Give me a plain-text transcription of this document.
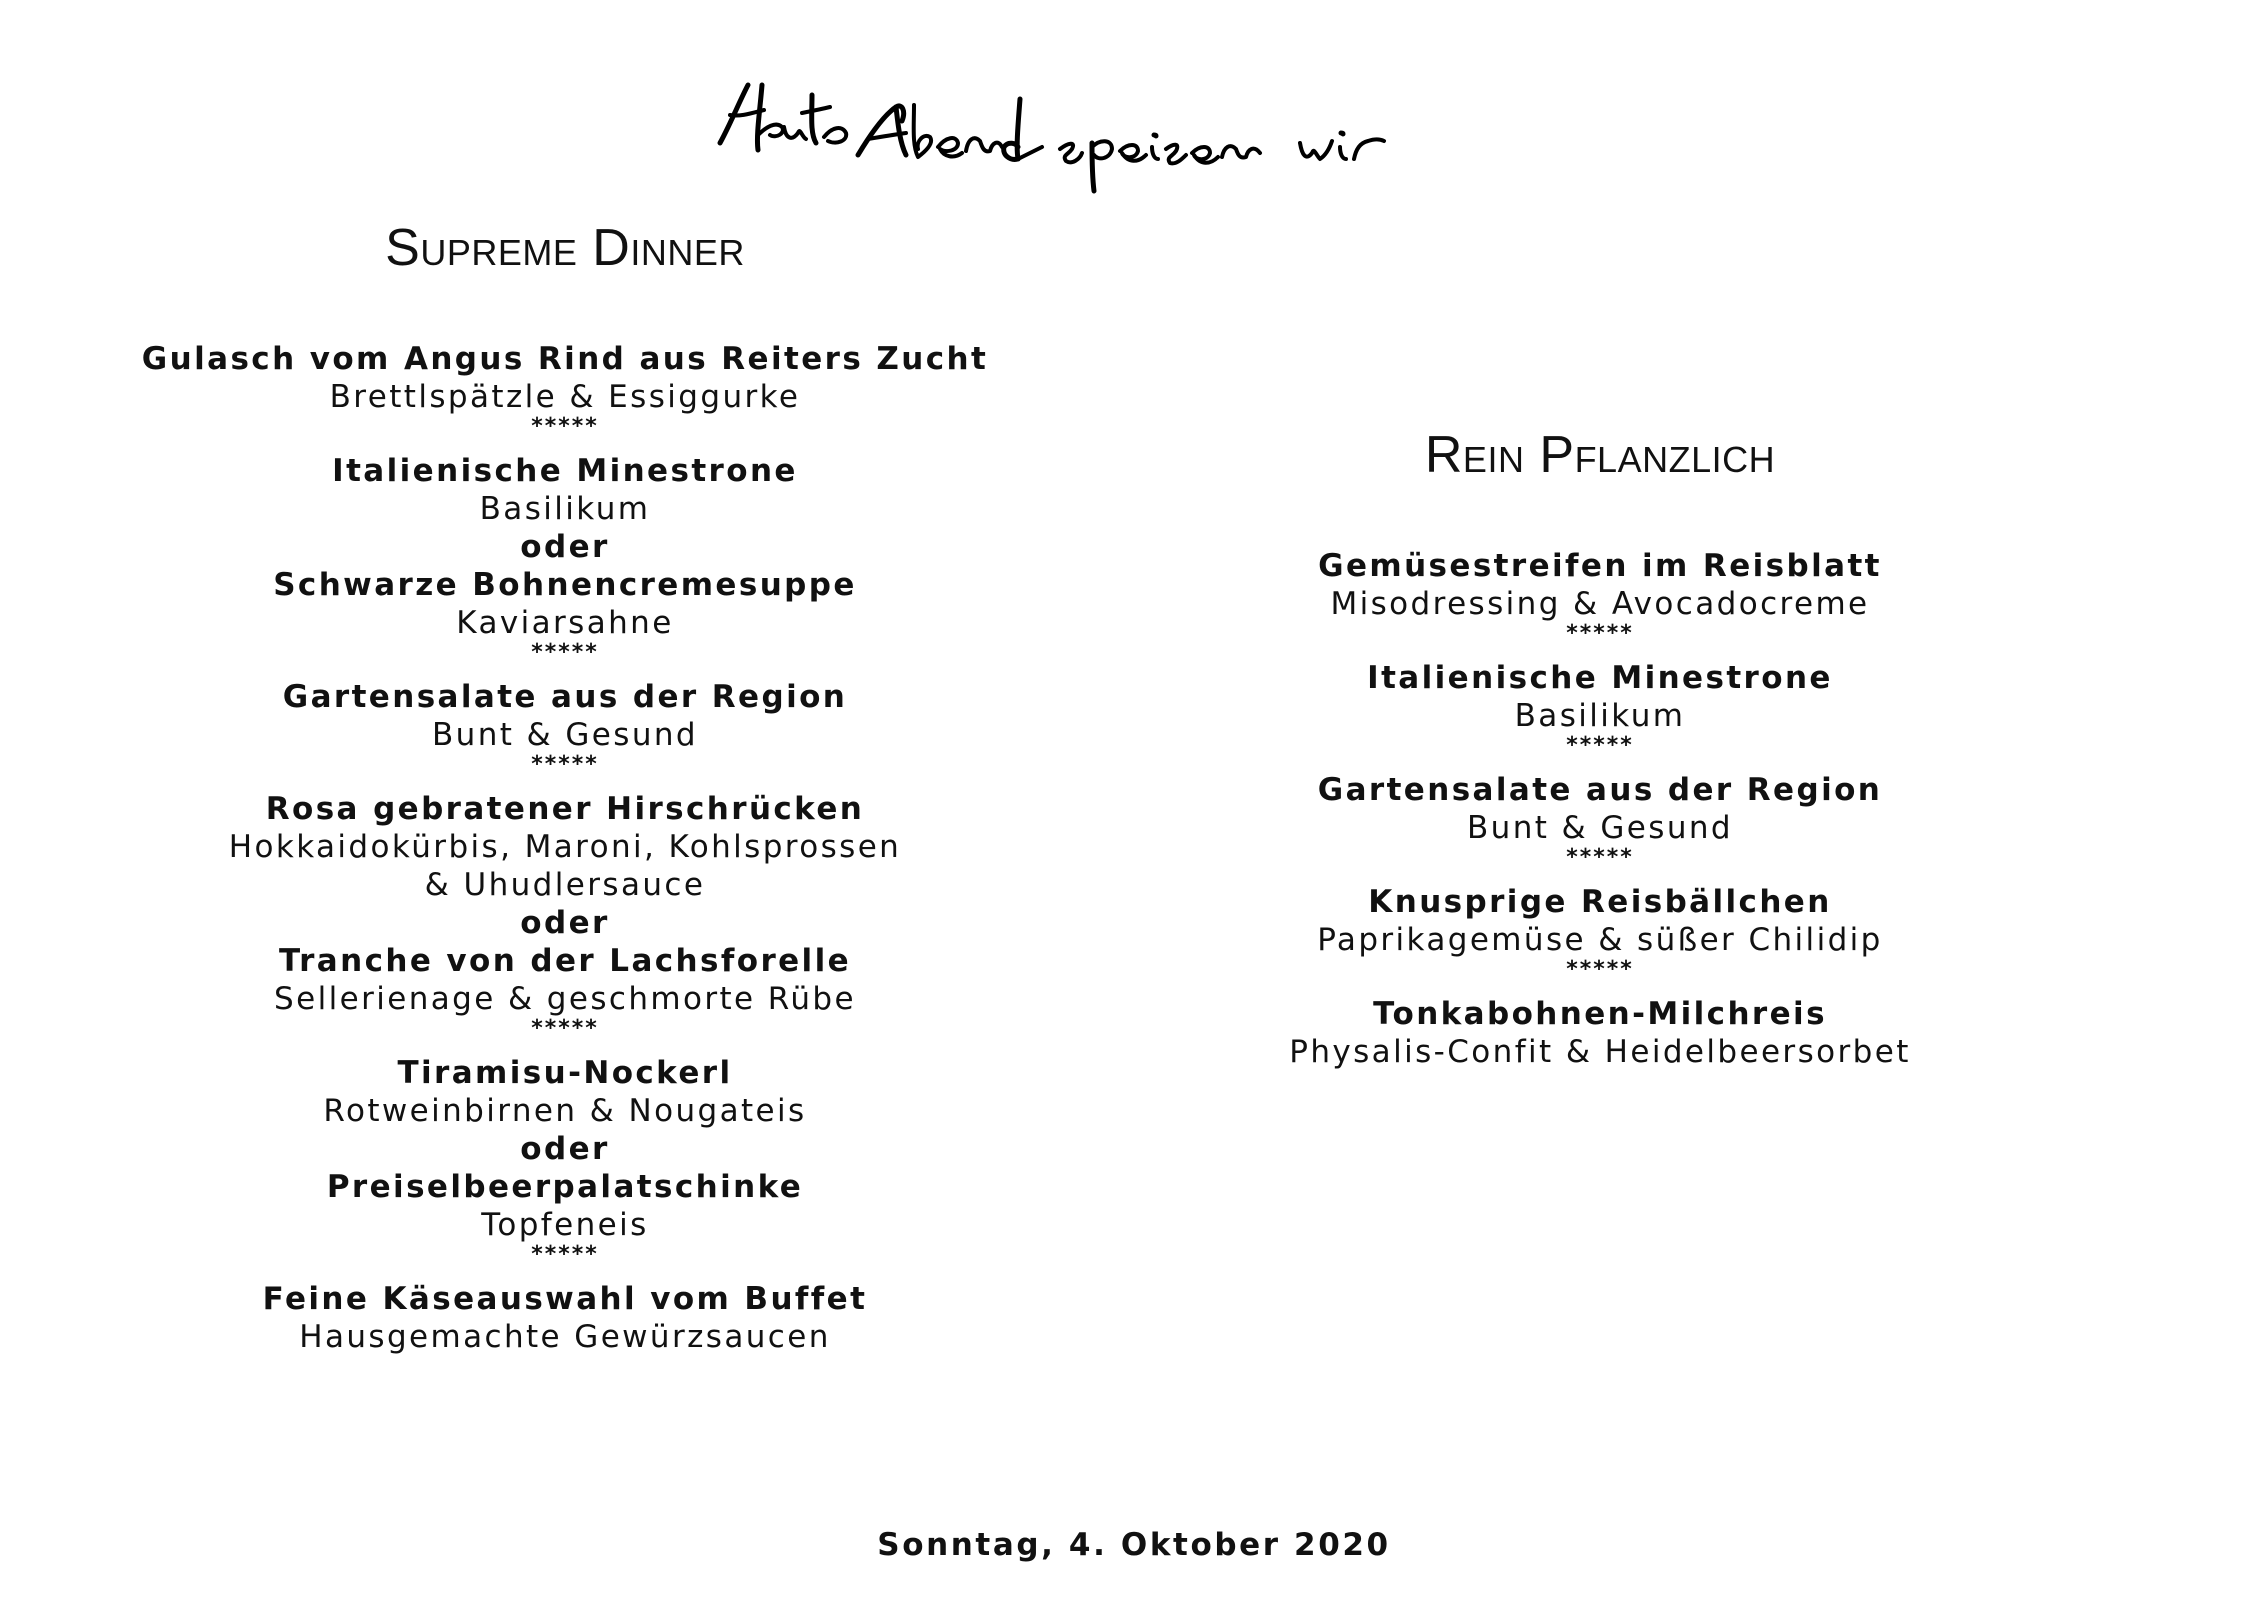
Supreme Dinner

Gulasch vom Angus Rind aus Reiters Zucht

Brettlspätzle & Essiggurke

*****

Italienische Minestrone

Basilikum

oder

Schwarze Bohnencremesuppe

Kaviarsahne

*****

Gartensalate aus der Region

Bunt & Gesund

*****

Rosa gebratener Hirschrücken

Hokkaidokürbis, Maroni, Kohlsprossen

& Uhudlersauce

oder

Tranche von der Lachsforelle

Sellerienage & geschmorte Rübe

*****

Tiramisu-Nockerl

Rotweinbirnen & Nougateis

oder

Preiselbeerpalatschinke

Topfeneis

*****

Feine Käseauswahl vom Buffet

Hausgemachte Gewürzsaucen

Rein Pflanzlich

Gemüsestreifen im Reisblatt

Misodressing & Avocadocreme

*****

Italienische Minestrone

Basilikum

*****

Gartensalate aus der Region

Bunt & Gesund

*****

Knusprige Reisbällchen

Paprikagemüse & süßer Chilidip

*****

Tonkabohnen-Milchreis

Physalis-Confit & Heidelbeersorbet

Sonntag, 4. Oktober 2020
